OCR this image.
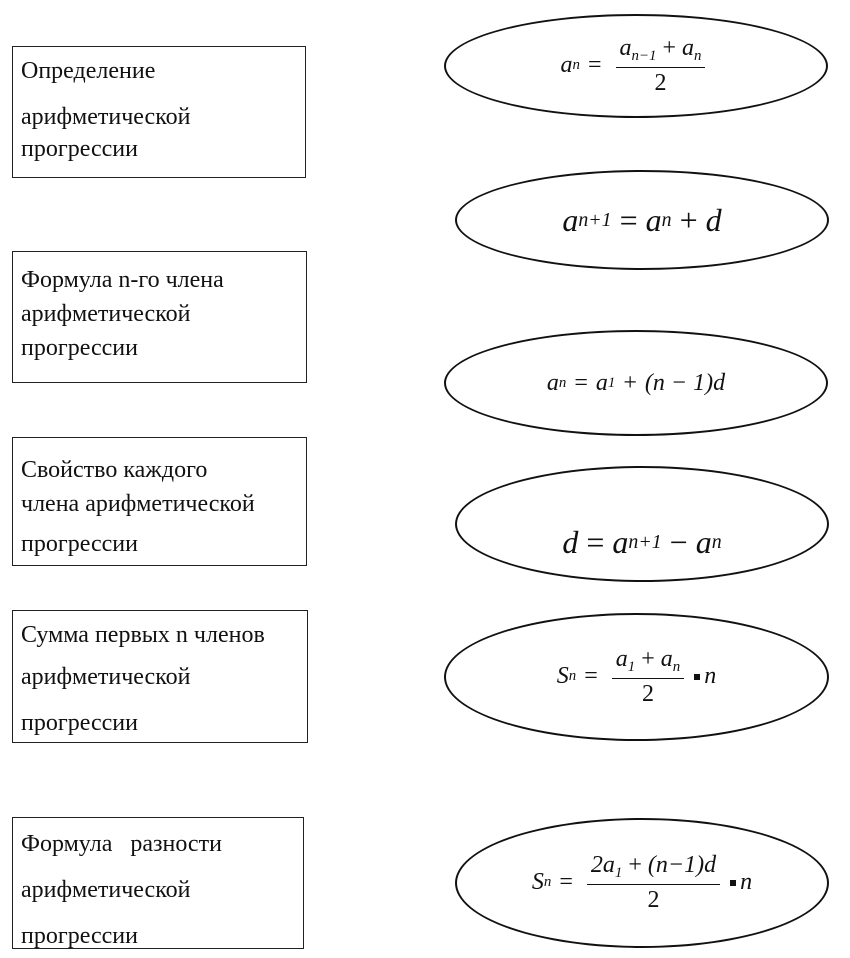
Определение
арифметической
прогрессии
Формула n-го члена
арифметической
прогрессии
Свойство каждого
члена арифметической
прогрессии
Сумма первых n членов
арифметической
прогрессии
Формула   разности
арифметической
прогрессии
a $n = \frac{a_{n-1} + a_n}{2}$
a n+1 = a n + d
a n = a 1 + (n − 1)d
d = a n+1 − a n
S $n = \frac{a_1 + a_n}{2}$ n
S $n = \frac{2a_1 + (n-1)d}{2}$ n
